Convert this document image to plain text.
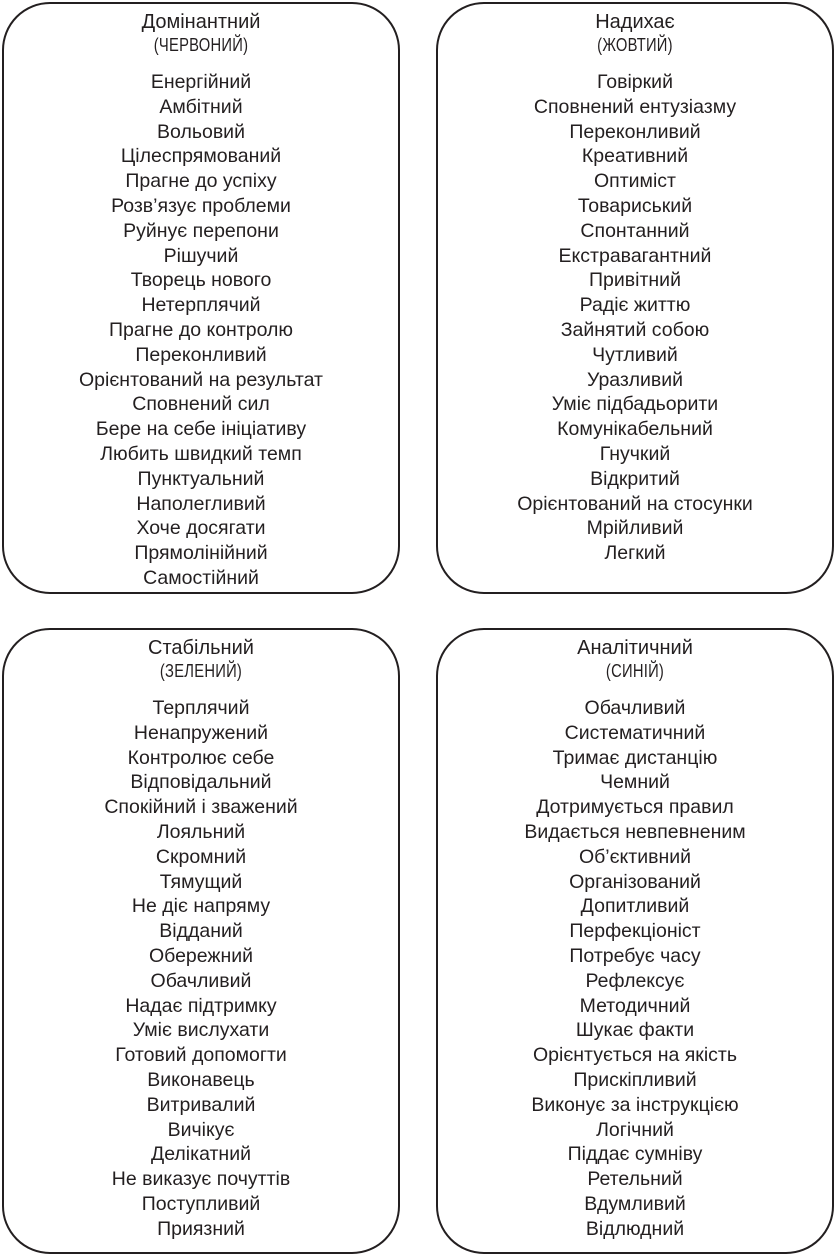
Домінантний
(ЧЕРВОНИЙ)
Енергійний
Амбітний
Вольовий
Цілеспрямований
Прагне до успіху
Розв’язує проблеми
Руйнує перепони
Рішучий
Творець нового
Нетерплячий
Прагне до контролю
Переконливий
Орієнтований на результат
Сповнений сил
Бере на себе ініціативу
Любить швидкий темп
Пунктуальний
Наполегливий
Хоче досягати
Прямолінійний
Самостійний
Надихає
(ЖОВТИЙ)
Говіркий
Сповнений ентузіазму
Переконливий
Креативний
Оптиміст
Товариський
Спонтанний
Екстравагантний
Привітний
Радіє життю
Зайнятий собою
Чутливий
Уразливий
Уміє підбадьорити
Комунікабельний
Гнучкий
Відкритий
Орієнтований на стосунки
Мрійливий
Легкий
Стабільний
(ЗЕЛЕНИЙ)
Терплячий
Ненапружений
Контролює себе
Відповідальний
Спокійний і зважений
Лояльний
Скромний
Тямущий
Не діє напряму
Відданий
Обережний
Обачливий
Надає підтримку
Уміє вислухати
Готовий допомогти
Виконавець
Витривалий
Вичікує
Делікатний
Не виказує почуттів
Поступливий
Приязний
Аналітичний
(СИНІЙ)
Обачливий
Систематичний
Тримає дистанцію
Чемний
Дотримується правил
Видається невпевненим
Об’єктивний
Організований
Допитливий
Перфекціоніст
Потребує часу
Рефлексує
Методичний
Шукає факти
Орієнтується на якість
Прискіпливий
Виконує за інструкцією
Логічний
Піддає сумніву
Ретельний
Вдумливий
Відлюдний
